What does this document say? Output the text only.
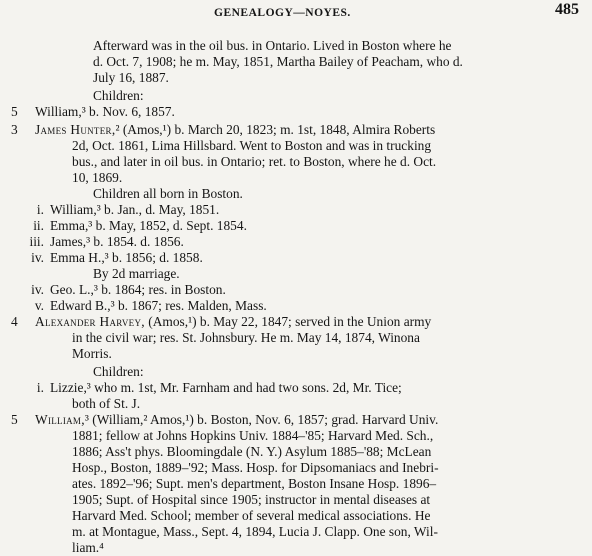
GENEALOGY—NOYES.	485
Afterward was in the oil bus. in Ontario. Lived in Boston where he
d. Oct. 7, 1908; he m. May, 1851, Martha Bailey of Peacham, who d.
July 16, 1887.
Children:
5 William,³ b. Nov. 6, 1857.
3 James Hunter,² (Amos,¹) b. March 20, 1823; m. 1st, 1848, Almira Roberts
2d, Oct. 1861, Lima Hillsbard. Went to Boston and was in trucking
bus., and later in oil bus. in Ontario; ret. to Boston, where he d. Oct.
10, 1869.
Children all born in Boston.
i. William,³ b. Jan., d. May, 1851.
ii. Emma,³ b. May, 1852, d. Sept. 1854.
iii. James,³ b. 1854. d. 1856.
iv. Emma H.,³ b. 1856; d. 1858.
By 2d marriage.
iv. Geo. L.,³ b. 1864; res. in Boston.
v. Edward B.,³ b. 1867; res. Malden, Mass.
4 Alexander Harvey, (Amos,¹) b. May 22, 1847; served in the Union army
in the civil war; res. St. Johnsbury. He m. May 14, 1874, Winona
Morris.
Children:
i. Lizzie,³ who m. 1st, Mr. Farnham and had two sons. 2d, Mr. Tice;
both of St. J.
5 William,³ (William,² Amos,¹) b. Boston, Nov. 6, 1857; grad. Harvard Univ.
1881; fellow at Johns Hopkins Univ. 1884–'85; Harvard Med. Sch.,
1886; Ass't phys. Bloomingdale (N. Y.) Asylum 1885–'88; McLean
Hosp., Boston, 1889–'92; Mass. Hosp. for Dipsomaniacs and Inebri-
ates. 1892–'96; Supt. men's department, Boston Insane Hosp. 1896–
1905; Supt. of Hospital since 1905; instructor in mental diseases at
Harvard Med. School; member of several medical associations. He
m. at Montague, Mass., Sept. 4, 1894, Lucia J. Clapp. One son, Wil-
liam.⁴
